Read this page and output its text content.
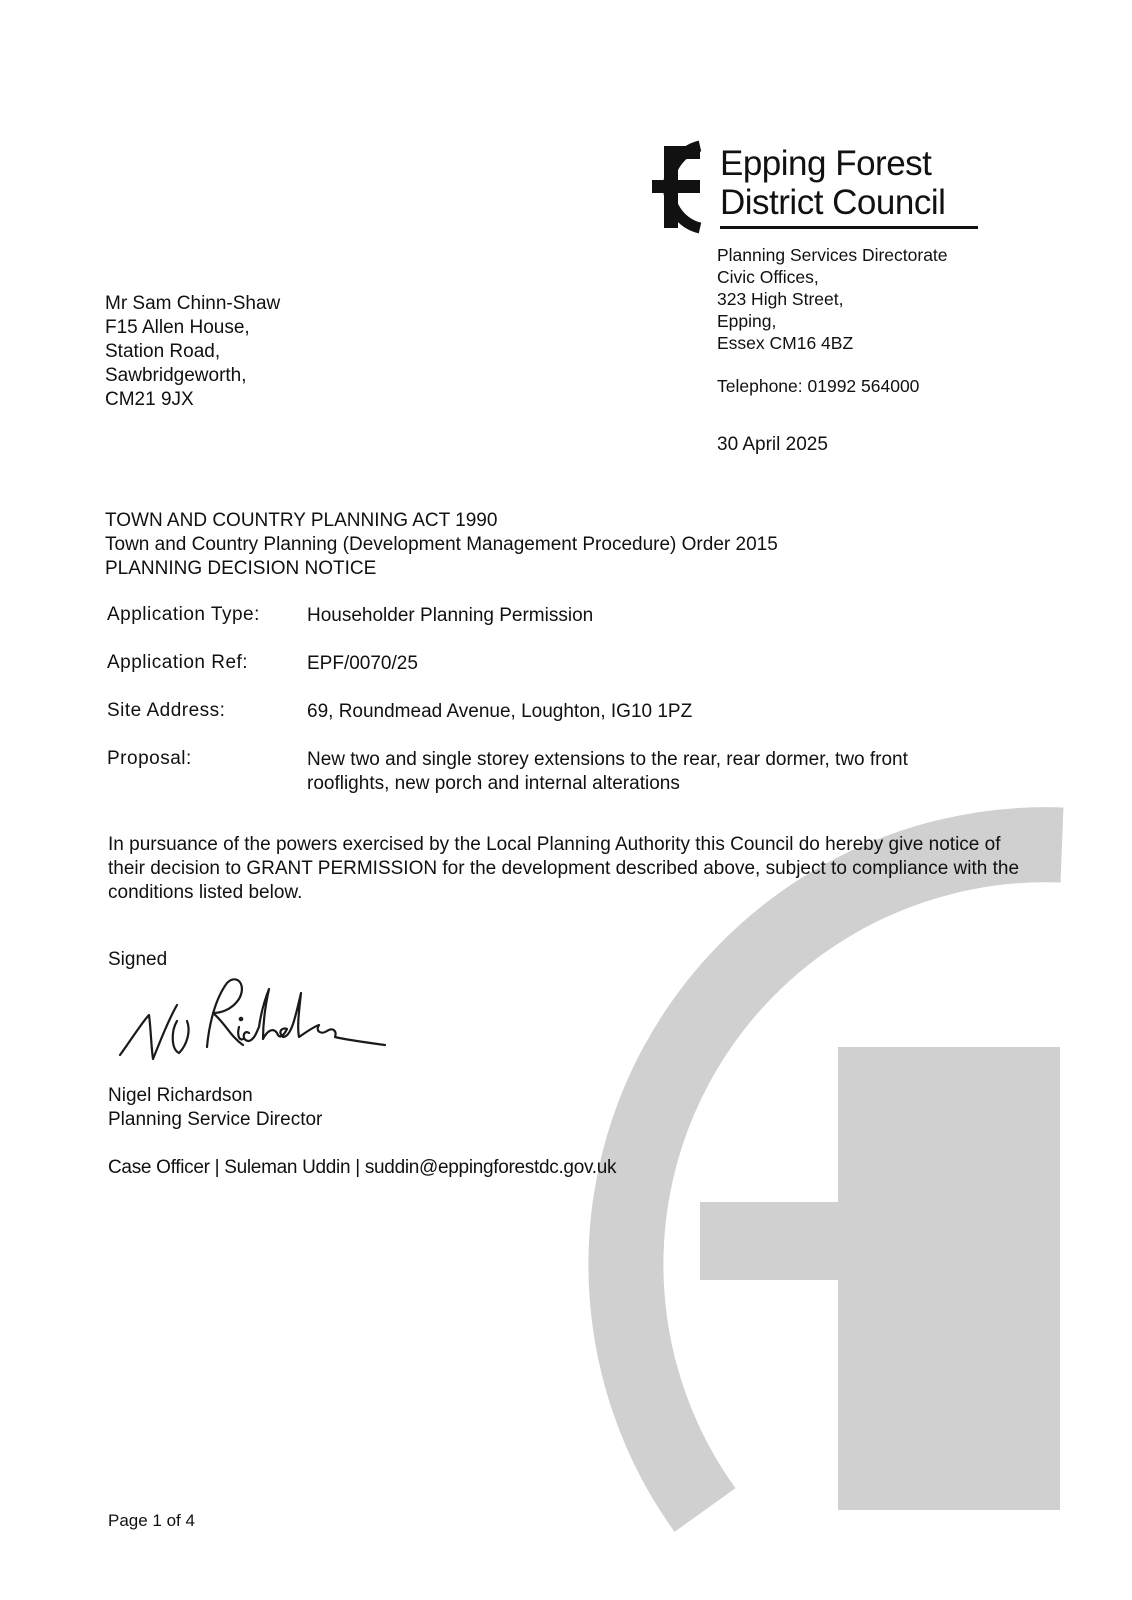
Epping Forest
District Council
Planning Services Directorate
Civic Offices,
323 High Street,
Epping,
Essex CM16 4BZ
Telephone: 01992 564000
30 April 2025
Mr Sam Chinn-Shaw
F15 Allen House,
Station Road,
Sawbridgeworth,
CM21 9JX
TOWN AND COUNTRY PLANNING ACT 1990
Town and Country Planning (Development Management Procedure) Order 2015
PLANNING DECISION NOTICE
Application Type: Householder Planning Permission
Application Ref:	EPF/0070/25
Site Address:	69, Roundmead Avenue, Loughton, IG10 1PZ
Proposal:	New two and single storey extensions to the rear, rear dormer, two front
rooflights, new porch and internal alterations
In pursuance of the powers exercised by the Local Planning Authority this Council do hereby give notice of their decision to GRANT PERMISSION for the development described above, subject to compliance with the conditions listed below.
Signed
Nigel Richardson
Planning Service Director
Case Officer | Suleman Uddin | suddin@eppingforestdc.gov.uk
Page 1 of 4
